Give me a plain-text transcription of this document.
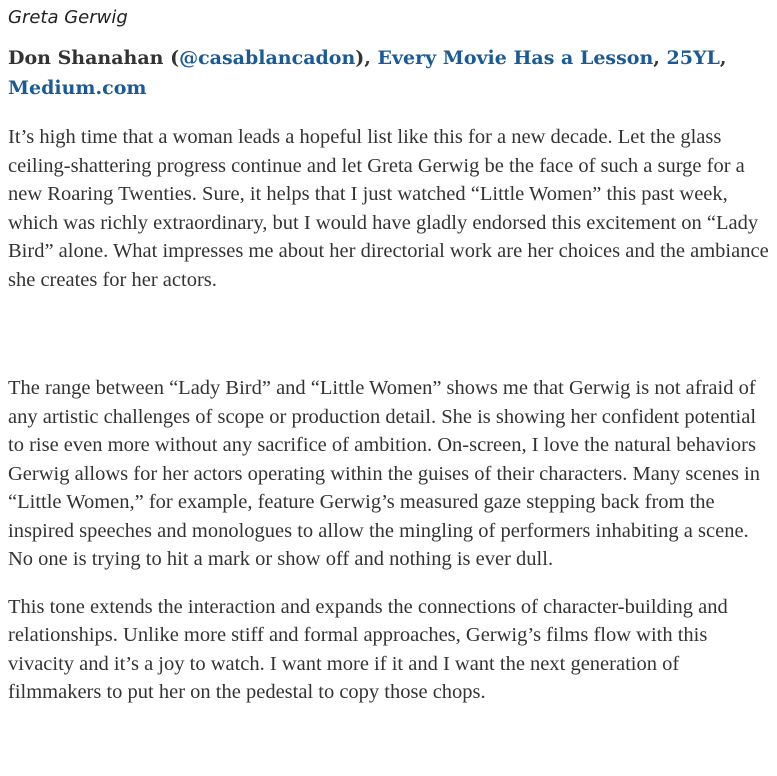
Greta Gerwig
Don Shanahan (@casablancadon), Every Movie Has a Lesson, 25YL, Medium.com

It’s high time that a woman leads a hopeful list like this for a new decade. Let the glass ceiling-shattering progress continue and let Greta Gerwig be the face of such a surge for a new Roaring Twenties. Sure, it helps that I just watched “Little Women” this past week, which was richly extraordinary, but I would have gladly endorsed this excitement on “Lady Bird” alone. What impresses me about her directorial work are her choices and the ambiance she creates for her actors.

The range between “Lady Bird” and “Little Women” shows me that Gerwig is not afraid of any artistic challenges of scope or production detail. She is showing her confident potential to rise even more without any sacrifice of ambition. On-screen, I love the natural behaviors Gerwig allows for her actors operating within the guises of their characters. Many scenes in “Little Women,” for example, feature Gerwig’s measured gaze stepping back from the inspired speeches and monologues to allow the mingling of performers inhabiting a scene. No one is trying to hit a mark or show off and nothing is ever dull.

This tone extends the interaction and expands the connections of character-building and relationships. Unlike more stiff and formal approaches, Gerwig’s films flow with this vivacity and it’s a joy to watch. I want more if it and I want the next generation of filmmakers to put her on the pedestal to copy those chops.
